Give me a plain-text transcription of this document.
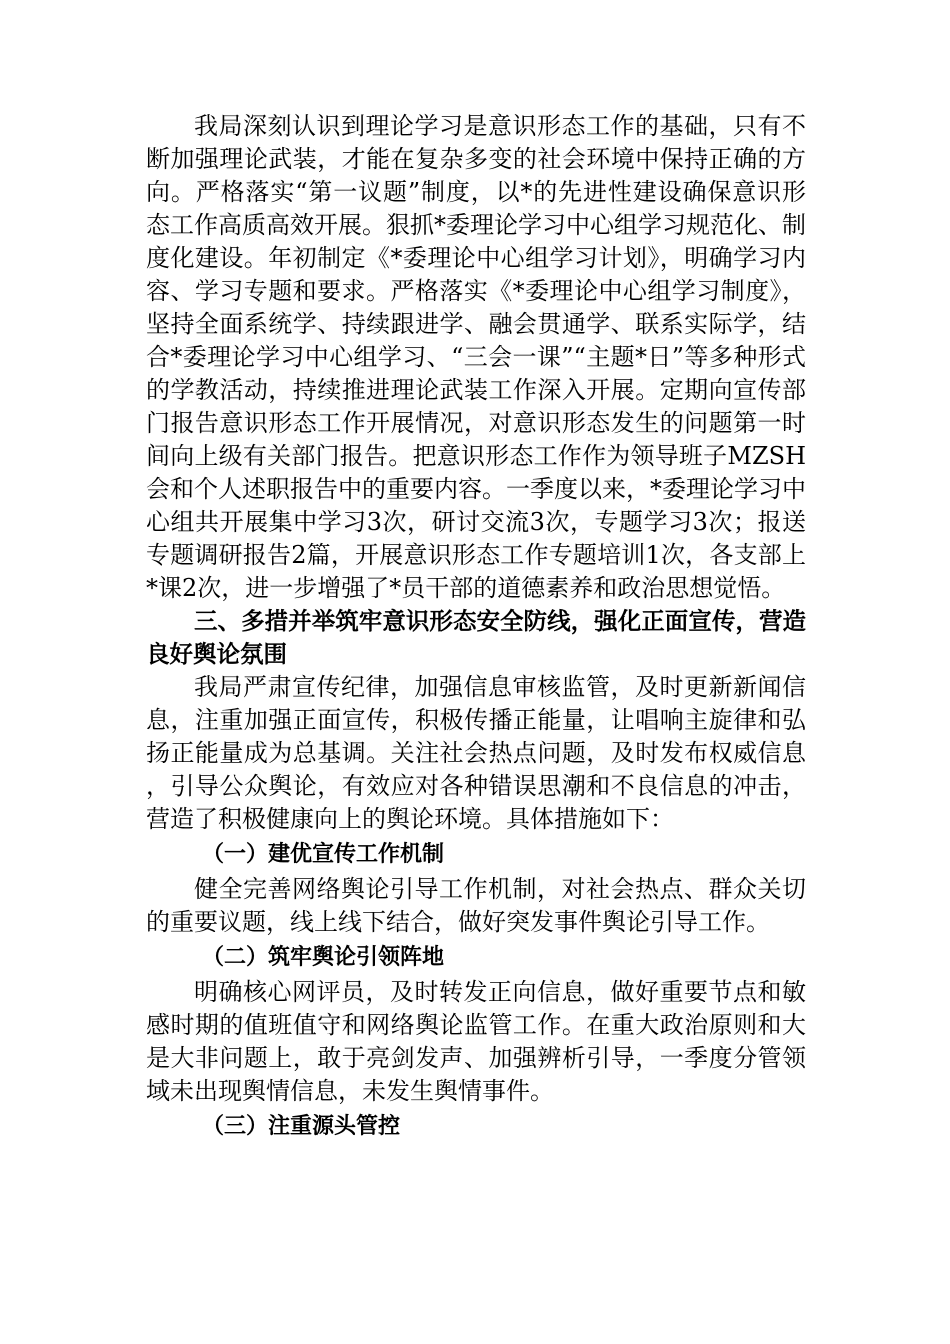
我局深刻认识到理论学习是意识形态工作的基础，只有不断加强理论武装，才能在复杂多变的社会环境中保持正确的方向。严格落实“第一议题”制度，以*的先进性建设确保意识形态工作高质高效开展。狠抓*委理论学习中心组学习规范化、制度化建设。年初制定《*委理论中心组学习计划》，明确学习内容、学习专题和要求。严格落实《*委理论中心组学习制度》，坚持全面系统学、持续跟进学、融会贯通学、联系实际学，结合*委理论学习中心组学习、“三会一课”“主题*日”等多种形式的学教活动，持续推进理论武装工作深入开展。定期向宣传部门报告意识形态工作开展情况，对意识形态发生的问题第一时间向上级有关部门报告。把意识形态工作作为领导班子MZSH会和个人述职报告中的重要内容。一季度以来，*委理论学习中心组共开展集中学习3次，研讨交流3次，专题学习3次；报送专题调研报告2篇，开展意识形态工作专题培训1次，各支部上*课2次，进一步增强了*员干部的道德素养和政治思想觉悟。

三、多措并举筑牢意识形态安全防线，强化正面宣传，营造良好舆论氛围

我局严肃宣传纪律，加强信息审核监管，及时更新新闻信息，注重加强正面宣传，积极传播正能量，让唱响主旋律和弘扬正能量成为总基调。关注社会热点问题，及时发布权威信息，引导公众舆论，有效应对各种错误思潮和不良信息的冲击，营造了积极健康向上的舆论环境。具体措施如下：

（一）建优宣传工作机制

健全完善网络舆论引导工作机制，对社会热点、群众关切的重要议题，线上线下结合，做好突发事件舆论引导工作。

（二）筑牢舆论引领阵地

明确核心网评员，及时转发正向信息，做好重要节点和敏感时期的值班值守和网络舆论监管工作。在重大政治原则和大是大非问题上，敢于亮剑发声、加强辨析引导，一季度分管领域未出现舆情信息，未发生舆情事件。

（三）注重源头管控
